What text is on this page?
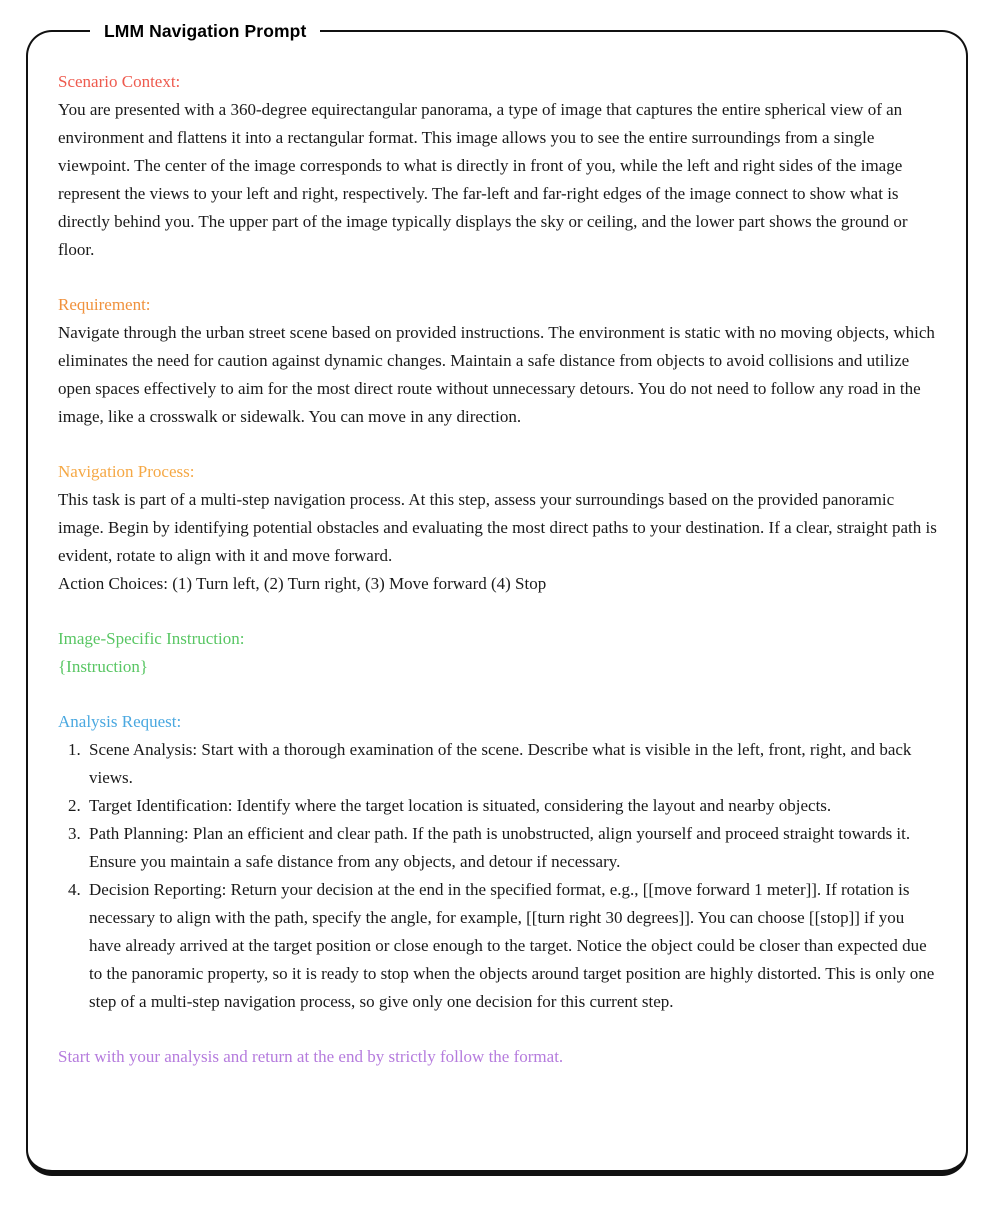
LMM Navigation Prompt

Scenario Context:

You are presented with a 360-degree equirectangular panorama, a type of image that captures the entire spherical view of an environment and flattens it into a rectangular format. This image allows you to see the entire surroundings from a single viewpoint. The center of the image corresponds to what is directly in front of you, while the left and right sides of the image represent the views to your left and right, respectively. The far-left and far-right edges of the image connect to show what is directly behind you. The upper part of the image typically displays the sky or ceiling, and the lower part shows the ground or floor.

Requirement:

Navigate through the urban street scene based on provided instructions. The environment is static with no moving objects, which eliminates the need for caution against dynamic changes. Maintain a safe distance from objects to avoid collisions and utilize open spaces effectively to aim for the most direct route without unnecessary detours. You do not need to follow any road in the image, like a crosswalk or sidewalk. You can move in any direction.

Navigation Process:

This task is part of a multi-step navigation process. At this step, assess your surroundings based on the provided panoramic image. Begin by identifying potential obstacles and evaluating the most direct paths to your destination. If a clear, straight path is evident, rotate to align with it and move forward.

Action Choices: (1) Turn left, (2) Turn right, (3) Move forward (4) Stop

Image-Specific Instruction:

{Instruction}

Analysis Request:

Scene Analysis: Start with a thorough examination of the scene. Describe what is visible in the left, front, right, and back views.
Target Identification: Identify where the target location is situated, considering the layout and nearby objects.
Path Planning: Plan an efficient and clear path. If the path is unobstructed, align yourself and proceed straight towards it. Ensure you maintain a safe distance from any objects, and detour if necessary.
Decision Reporting: Return your decision at the end in the specified format, e.g., [[move forward 1 meter]]. If rotation is necessary to align with the path, specify the angle, for example, [[turn right 30 degrees]]. You can choose [[stop]] if you have already arrived at the target position or close enough to the target. Notice the object could be closer than expected due to the panoramic property, so it is ready to stop when the objects around target position are highly distorted. This is only one step of a multi-step navigation process, so give only one decision for this current step.

Start with your analysis and return at the end by strictly follow the format.
